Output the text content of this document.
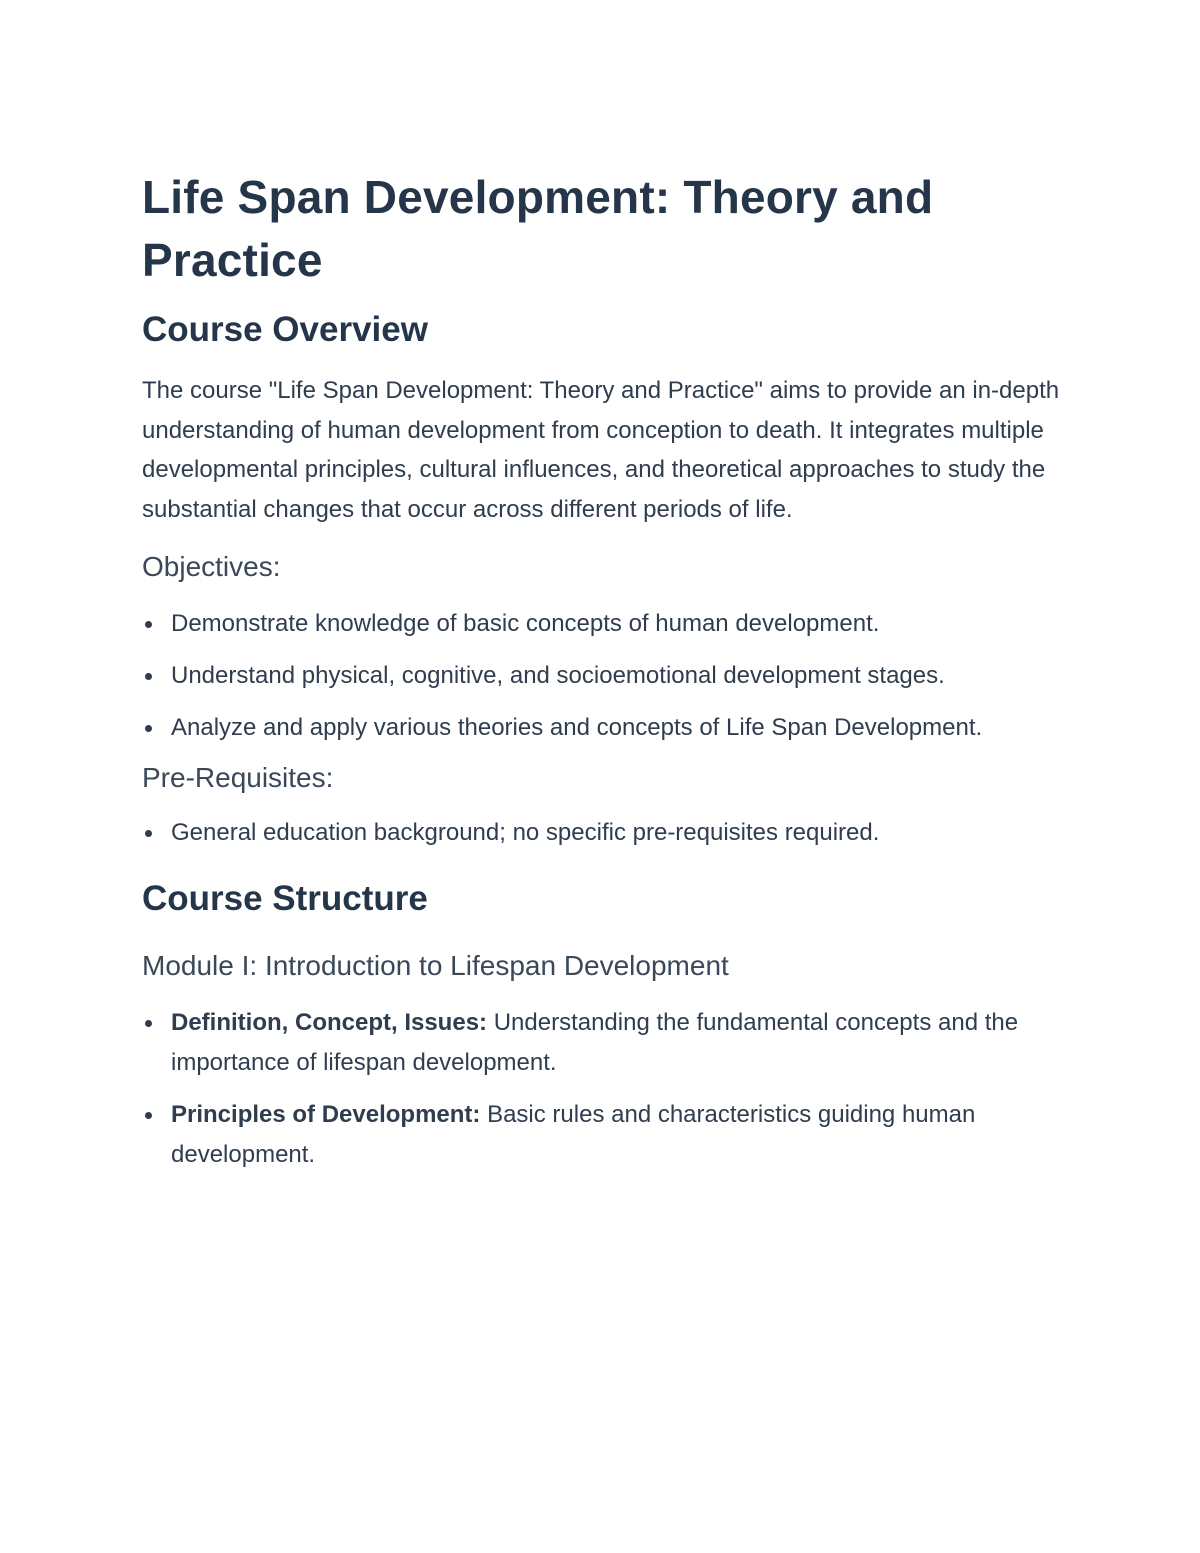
Life Span Development: Theory and Practice
Course Overview

The course "Life Span Development: Theory and Practice" aims to provide an in-depth understanding of human development from conception to death. It integrates multiple developmental principles, cultural influences, and theoretical approaches to study the substantial changes that occur across different periods of life.

Objectives:
Demonstrate knowledge of basic concepts of human development.
Understand physical, cognitive, and socioemotional development stages.
Analyze and apply various theories and concepts of Life Span Development.
Pre-Requisites:
General education background; no specific pre-requisites required.
Course Structure
Module I: Introduction to Lifespan Development
Definition, Concept, Issues: Understanding the fundamental concepts and the importance of lifespan development.
Principles of Development: Basic rules and characteristics guiding human development.
